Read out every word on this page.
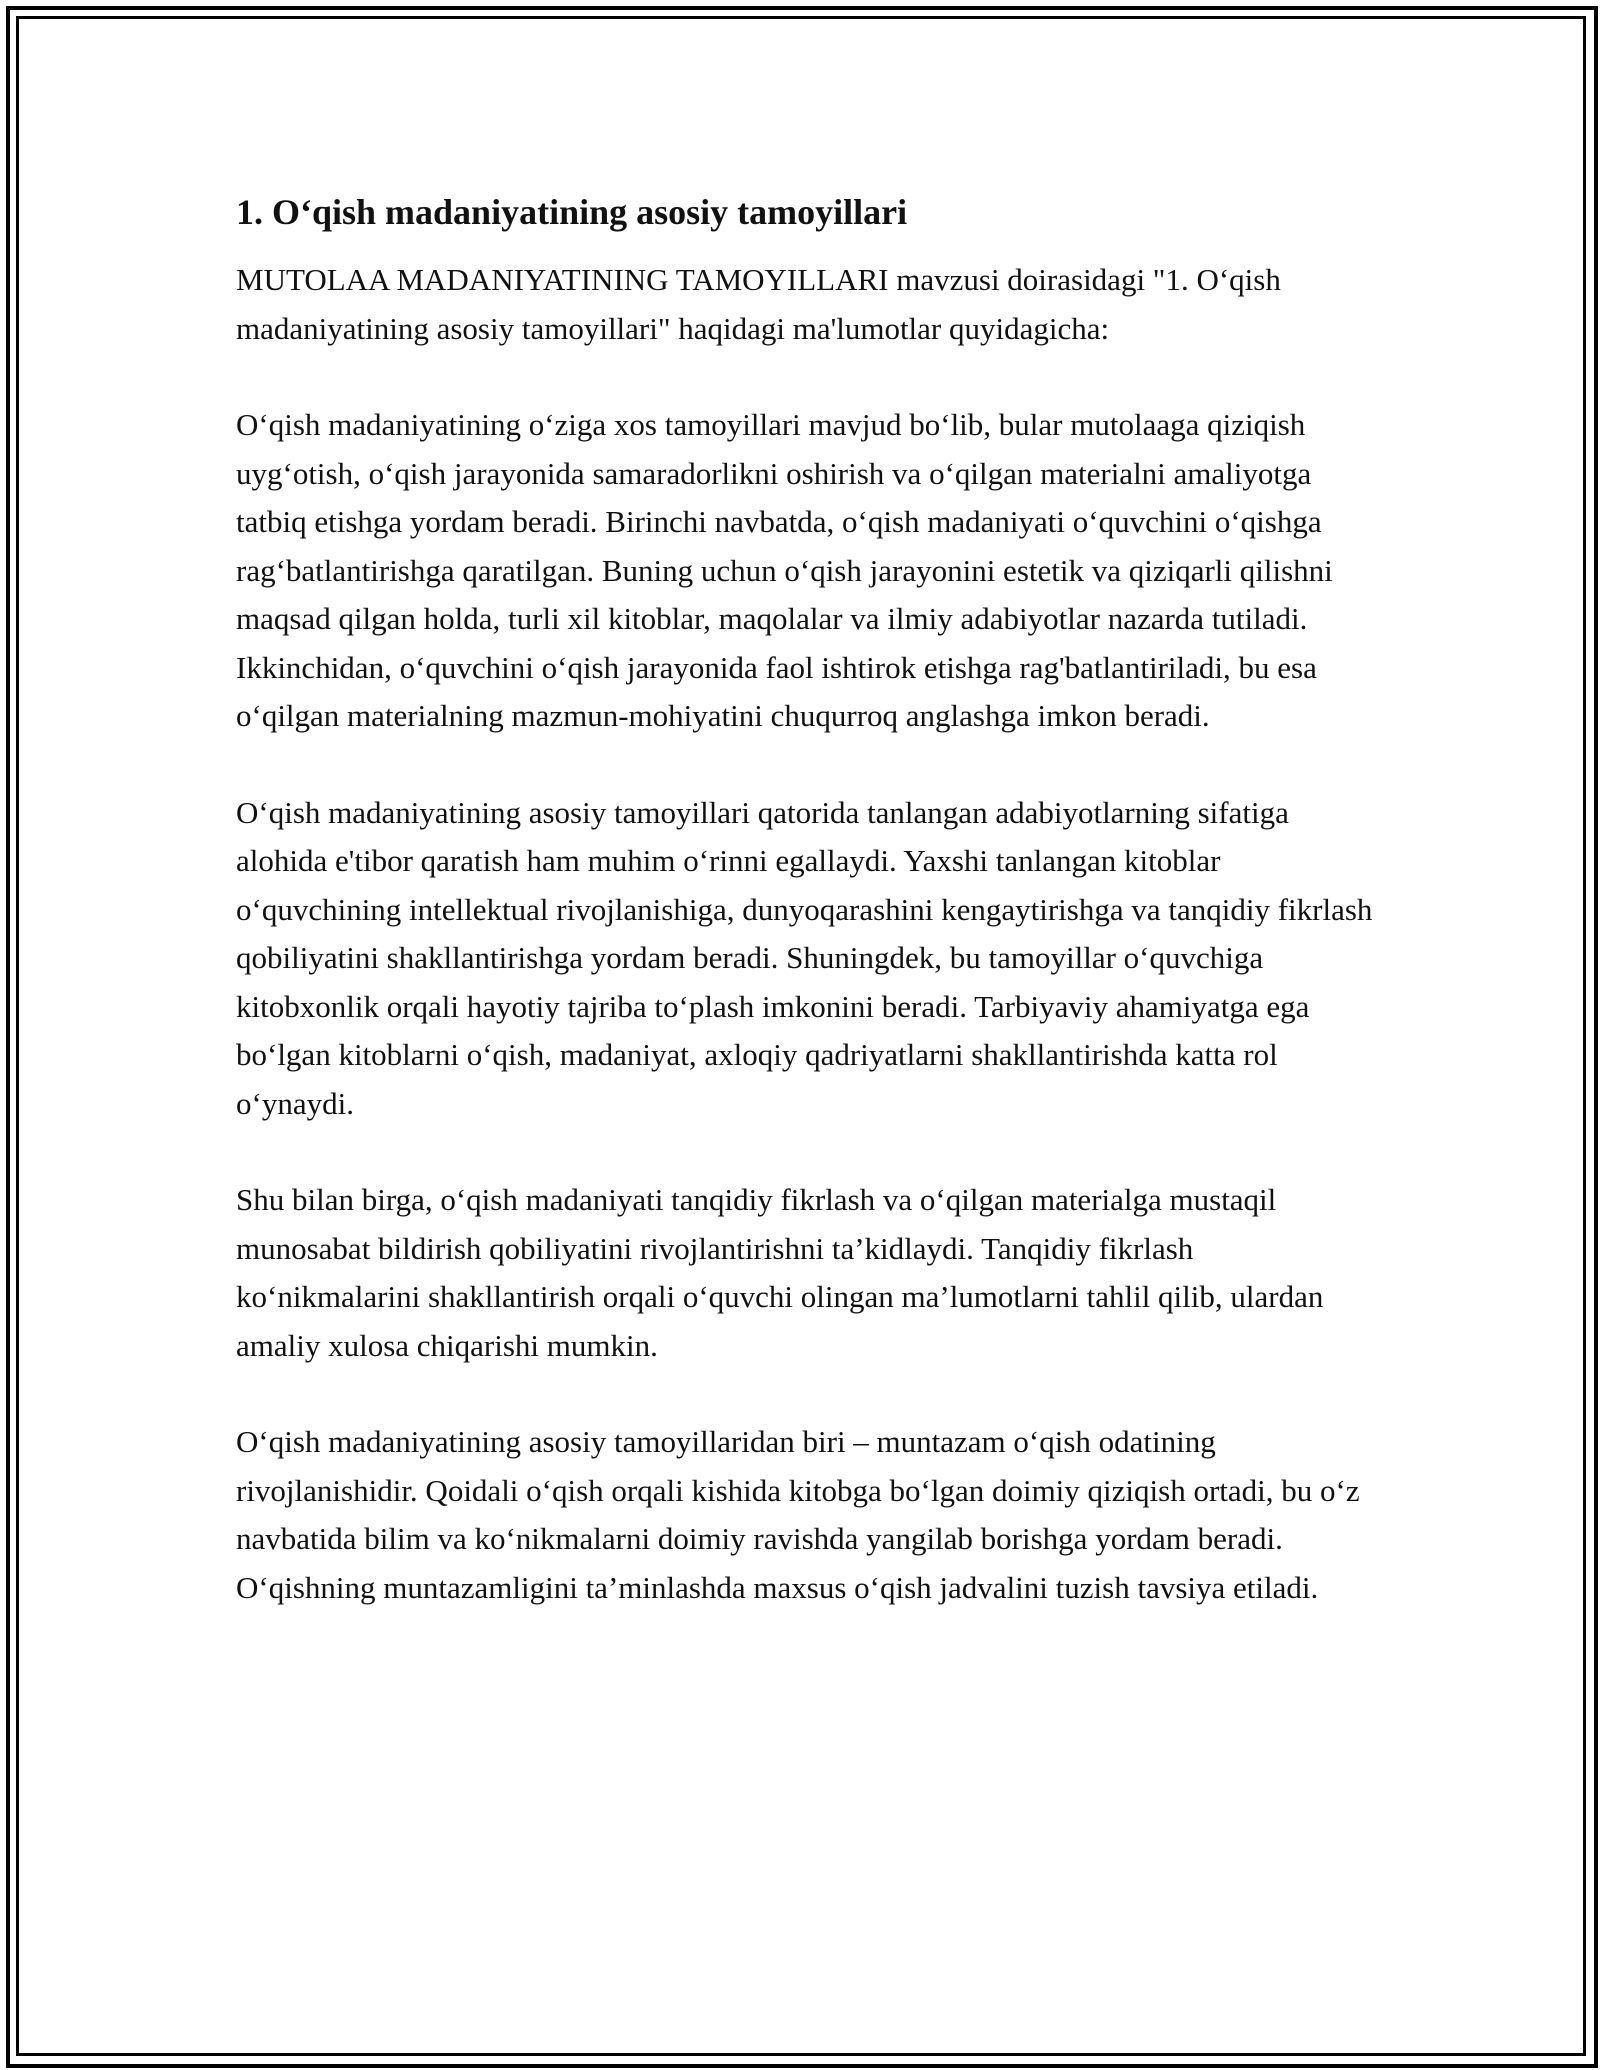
1. O‘qish madaniyatining asosiy tamoyillari

MUTOLAA MADANIYATINING TAMOYILLARI mavzusi doirasidagi "1. O‘qish madaniyatining asosiy tamoyillari" haqidagi ma'lumotlar quyidagicha:

O‘qish madaniyatining o‘ziga xos tamoyillari mavjud bo‘lib, bular mutolaaga qiziqish uyg‘otish, o‘qish jarayonida samaradorlikni oshirish va o‘qilgan materialni amaliyotga tatbiq etishga yordam beradi. Birinchi navbatda, o‘qish madaniyati o‘quvchini o‘qishga rag‘batlantirishga qaratilgan. Buning uchun o‘qish jarayonini estetik va qiziqarli qilishni maqsad qilgan holda, turli xil kitoblar, maqolalar va ilmiy adabiyotlar nazarda tutiladi. Ikkinchidan, o‘quvchini o‘qish jarayonida faol ishtirok etishga rag'batlantiriladi, bu esa o‘qilgan materialning mazmun-mohiyatini chuqurroq anglashga imkon beradi.

O‘qish madaniyatining asosiy tamoyillari qatorida tanlangan adabiyotlarning sifatiga alohida e'tibor qaratish ham muhim o‘rinni egallaydi. Yaxshi tanlangan kitoblar o‘quvchining intellektual rivojlanishiga, dunyoqarashini kengaytirishga va tanqidiy fikrlash qobiliyatini shakllantirishga yordam beradi. Shuningdek, bu tamoyillar o‘quvchiga kitobxonlik orqali hayotiy tajriba to‘plash imkonini beradi. Tarbiyaviy ahamiyatga ega bo‘lgan kitoblarni o‘qish, madaniyat, axloqiy qadriyatlarni shakllantirishda katta rol o‘ynaydi.

Shu bilan birga, o‘qish madaniyati tanqidiy fikrlash va o‘qilgan materialga mustaqil munosabat bildirish qobiliyatini rivojlantirishni ta’kidlaydi. Tanqidiy fikrlash ko‘nikmalarini shakllantirish orqali o‘quvchi olingan ma’lumotlarni tahlil qilib, ulardan amaliy xulosa chiqarishi mumkin.

O‘qish madaniyatining asosiy tamoyillaridan biri – muntazam o‘qish odatining rivojlanishidir. Qoidali o‘qish orqali kishida kitobga bo‘lgan doimiy qiziqish ortadi, bu o‘z navbatida bilim va ko‘nikmalarni doimiy ravishda yangilab borishga yordam beradi. O‘qishning muntazamligini ta’minlashda maxsus o‘qish jadvalini tuzish tavsiya etiladi.
